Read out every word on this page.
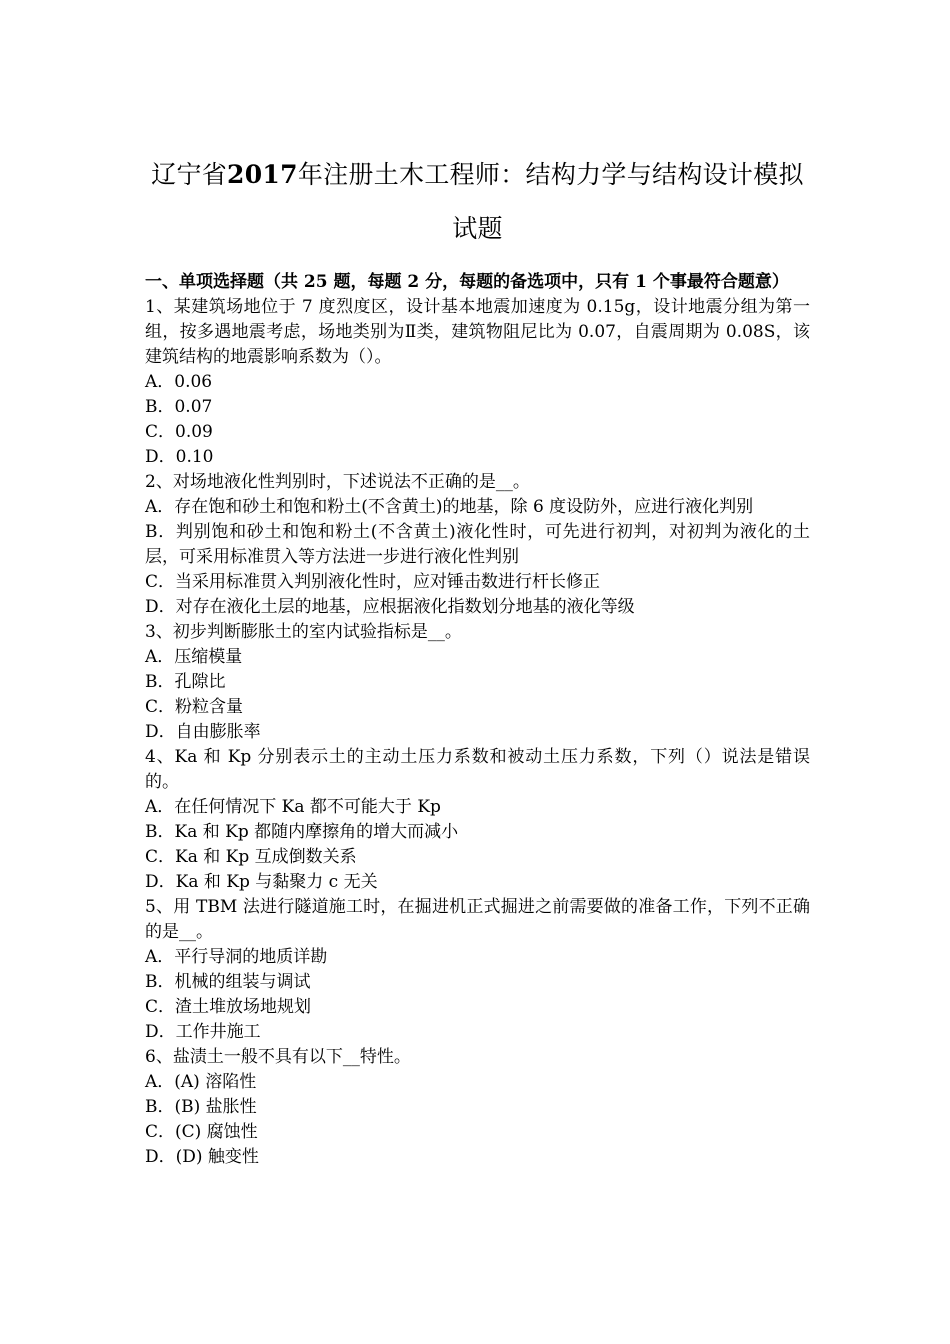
辽宁省2017年注册土木工程师：结构力学与结构设计模拟试题
一、单项选择题（共 25 题，每题 2 分，每题的备选项中，只有 1 个事最符合题意）
1、某建筑场地位于 7 度烈度区，设计基本地震加速度为 0.15g，设计地震分组为第一组，按多遇地震考虑，场地类别为Ⅱ类，建筑物阻尼比为 0.07，自震周期为 0.08S，该建筑结构的地震影响系数为（）。
A．0.06
B．0.07
C．0.09
D．0.10
2、对场地液化性判别时，下述说法不正确的是__。
A．存在饱和砂土和饱和粉土(不含黄土)的地基，除 6 度设防外，应进行液化判别
B．判别饱和砂土和饱和粉土(不含黄土)液化性时，可先进行初判，对初判为液化的土层，可采用标准贯入等方法进一步进行液化性判别
C．当采用标准贯入判别液化性时，应对锤击数进行杆长修正
D．对存在液化土层的地基，应根据液化指数划分地基的液化等级
3、初步判断膨胀土的室内试验指标是__。
A．压缩模量
B．孔隙比
C．粉粒含量
D．自由膨胀率
4、Ka 和 Kp 分别表示土的主动土压力系数和被动土压力系数，下列（）说法是错误的。
A．在任何情况下 Ka 都不可能大于 Kp
B．Ka 和 Kp 都随内摩擦角的增大而减小
C．Ka 和 Kp 互成倒数关系
D．Ka 和 Kp 与黏聚力 c 无关
5、用 TBM 法进行隧道施工时，在掘进机正式掘进之前需要做的准备工作，下列不正确的是__。
A．平行导洞的地质详勘
B．机械的组装与调试
C．渣土堆放场地规划
D．工作井施工
6、盐渍土一般不具有以下__特性。
A．(A) 溶陷性
B．(B) 盐胀性
C．(C) 腐蚀性
D．(D) 触变性
